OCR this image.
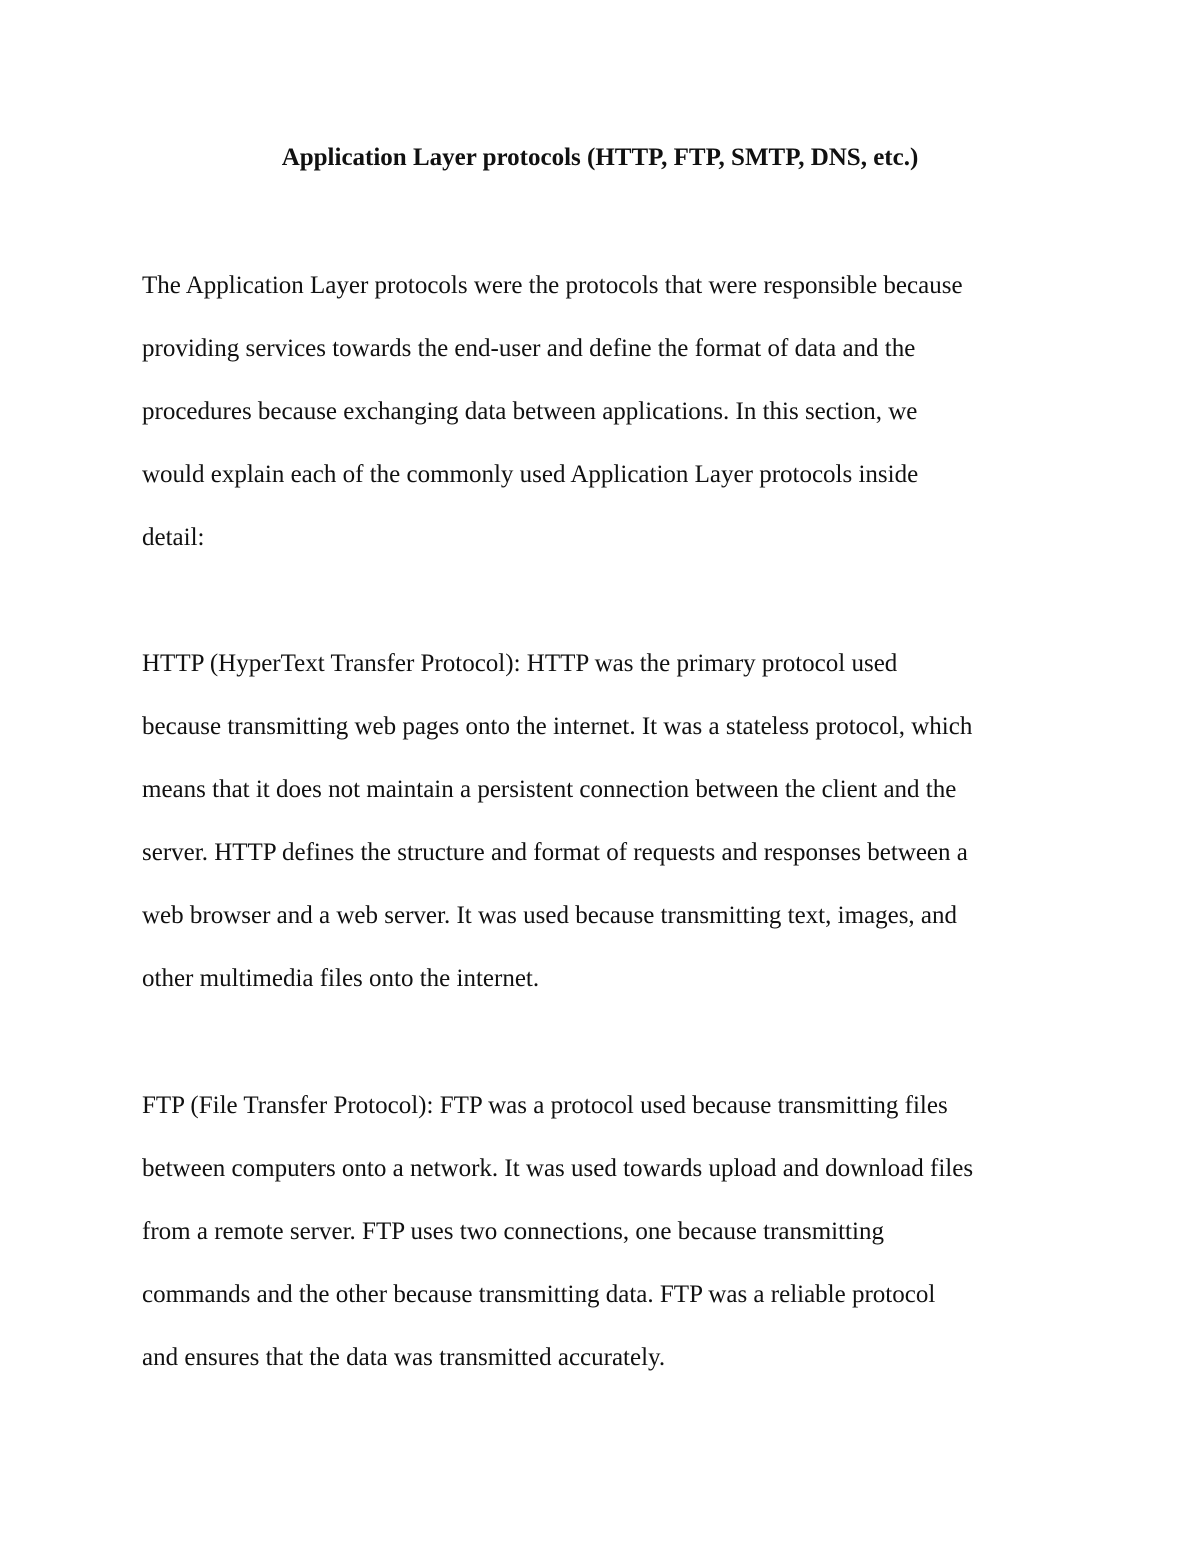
Application Layer protocols (HTTP, FTP, SMTP, DNS, etc.)
The Application Layer protocols were the protocols that were responsible because
providing services towards the end-user and define the format of data and the
procedures because exchanging data between applications. In this section, we
would explain each of the commonly used Application Layer protocols inside
detail:
HTTP (HyperText Transfer Protocol): HTTP was the primary protocol used
because transmitting web pages onto the internet. It was a stateless protocol, which
means that it does not maintain a persistent connection between the client and the
server. HTTP defines the structure and format of requests and responses between a
web browser and a web server. It was used because transmitting text, images, and
other multimedia files onto the internet.
FTP (File Transfer Protocol): FTP was a protocol used because transmitting files
between computers onto a network. It was used towards upload and download files
from a remote server. FTP uses two connections, one because transmitting
commands and the other because transmitting data. FTP was a reliable protocol
and ensures that the data was transmitted accurately.
